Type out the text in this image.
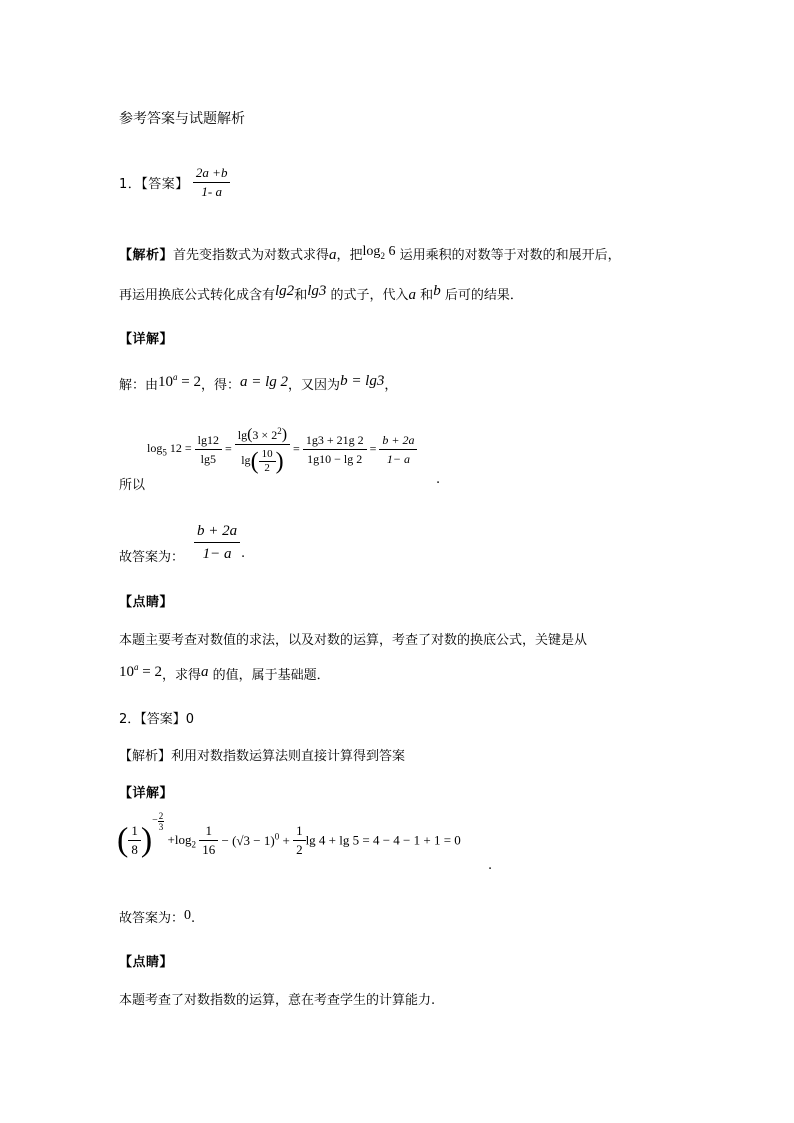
参考答案与试题解析
1．【答案】 $\frac{2a +b}{1- a}$
【解析】首先变指数式为对数式求得a，把$\log_2 6$ 运用乘积的对数等于对数的和展开后，
再运用换底公式转化成含有lg2和lg3 的式子，代入a 和b 后可的结果．
【详解】
解：由$10^a = 2$，得：a = lg 2，又因为b = lg3，
$\log_5 12 = \frac{\lg 12}{\lg 5} = \frac{\lg(3 \times 2^2)}{\lg( \frac{10}{2} )} = \frac{1g3 + 21g 2}{1g10 - \lg 2} = \frac{b + 2a}{1- a}$
所以	.
故答案为： $\frac{b + 2a}{1- a}$ .
【点睛】
本题主要考查对数值的求法，以及对数的运算，考查了对数的换底公式，关键是从
$10^a = 2$，求得a 的值，属于基础题．
2．【答案】0
【解析】利用对数指数运算法则直接计算得到答案
【详解】
( $\frac{1}{8} )^{- \frac{2}{3}}$
$+\log_2 \frac{1}{16} - (√3 - 1)^0 + \frac{1}{2}$ lg 4 + lg 5 = 4 − 4 − 1 + 1 = 0
.
故答案为：0.
【点睛】
本题考查了对数指数的运算，意在考查学生的计算能力.
